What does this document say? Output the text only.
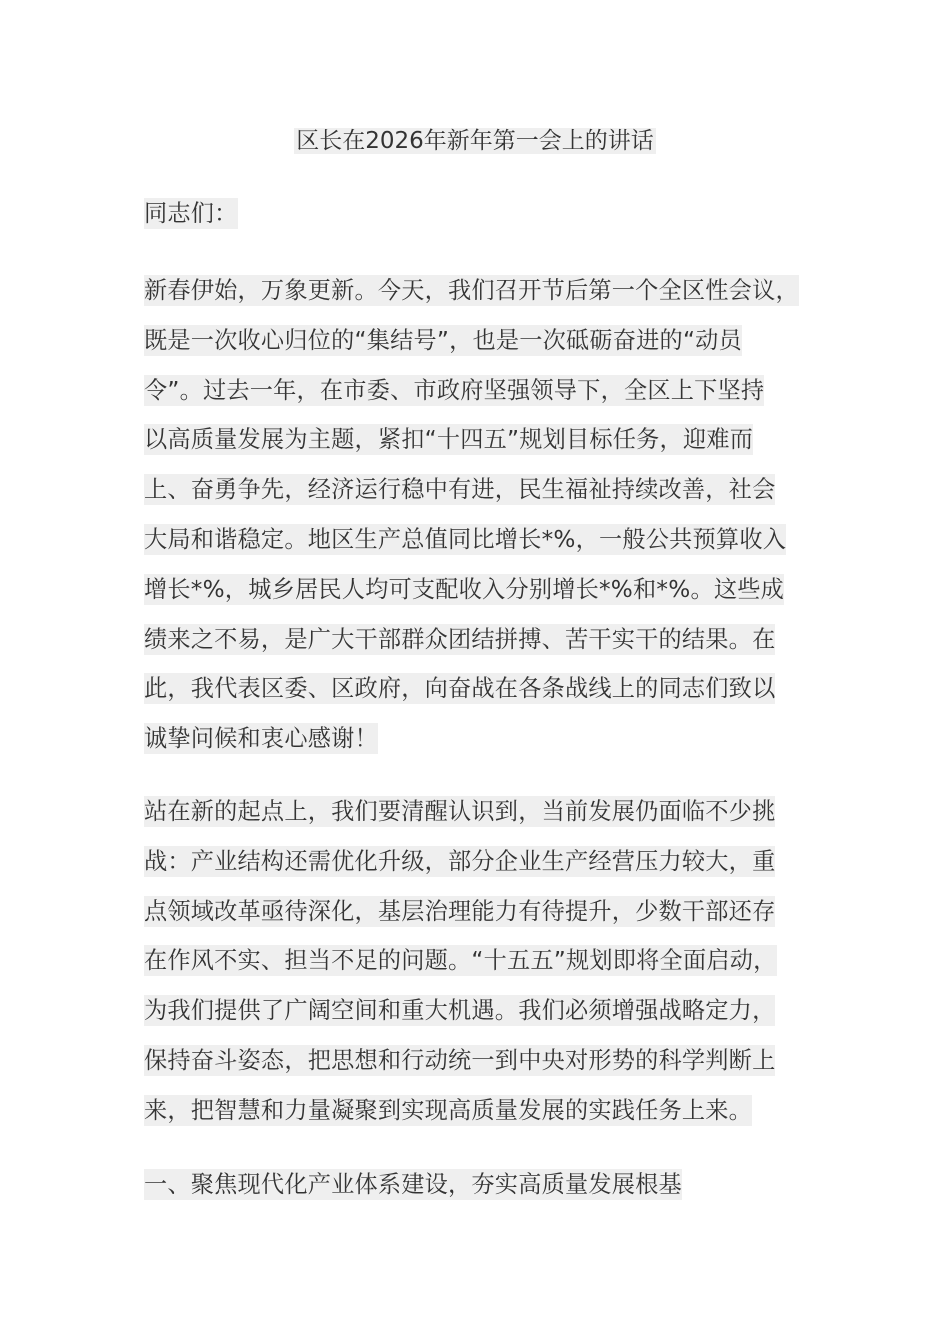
区长在2026年新年第一会上的讲话
同志们：
新春伊始，万象更新。今天，我们召开节后第一个全区性会议，
既是一次收心归位的“集结号”，也是一次砥砺奋进的“动员
令”。过去一年，在市委、市政府坚强领导下，全区上下坚持
以高质量发展为主题，紧扣“十四五”规划目标任务，迎难而
上、奋勇争先，经济运行稳中有进，民生福祉持续改善，社会
大局和谐稳定。地区生产总值同比增长*%，一般公共预算收入
增长*%，城乡居民人均可支配收入分别增长*%和*%。这些成
绩来之不易，是广大干部群众团结拼搏、苦干实干的结果。在
此，我代表区委、区政府，向奋战在各条战线上的同志们致以
诚挚问候和衷心感谢！
站在新的起点上，我们要清醒认识到，当前发展仍面临不少挑
战：产业结构还需优化升级，部分企业生产经营压力较大，重
点领域改革亟待深化，基层治理能力有待提升，少数干部还存
在作风不实、担当不足的问题。“十五五”规划即将全面启动，
为我们提供了广阔空间和重大机遇。我们必须增强战略定力，
保持奋斗姿态，把思想和行动统一到中央对形势的科学判断上
来，把智慧和力量凝聚到实现高质量发展的实践任务上来。
一、聚焦现代化产业体系建设，夯实高质量发展根基
